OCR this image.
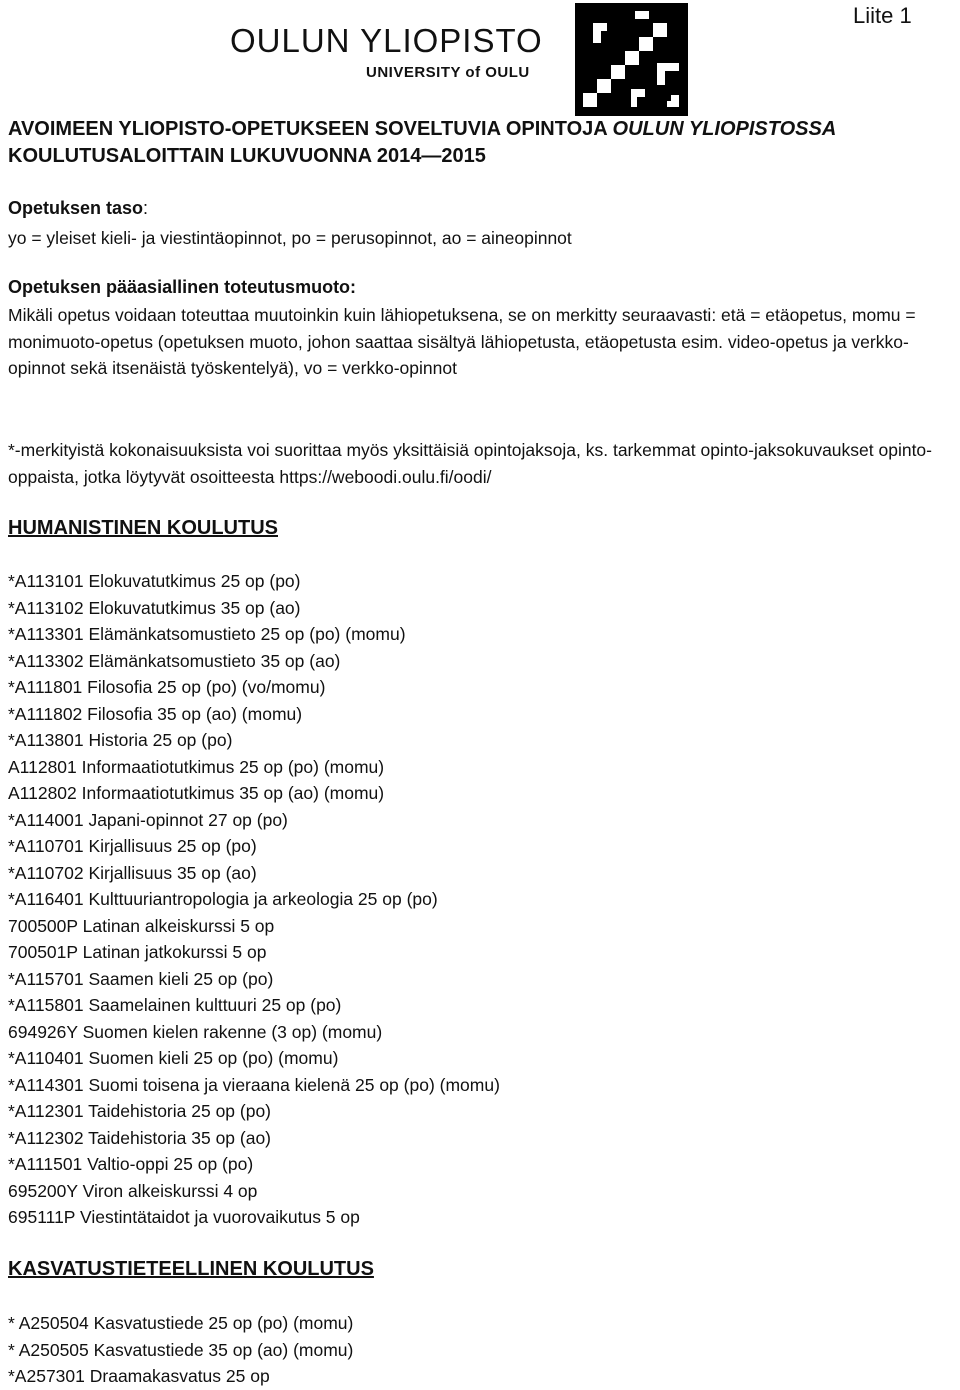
Liite 1
OULUN YLIOPISTO
UNIVERSITY of OULU
AVOIMEEN YLIOPISTO-OPETUKSEEN SOVELTUVIA OPINTOJA OULUN YLIOPISTOSSA
KOULUTUSALOITTAIN LUKUVUONNA 2014—2015
Opetuksen taso:
yo = yleiset kieli- ja viestintäopinnot, po = perusopinnot, ao = aineopinnot
Opetuksen pääasiallinen toteutusmuoto:
Mikäli opetus voidaan toteuttaa muutoinkin kuin lähiopetuksena, se on merkitty seuraavasti: etä = etäopetus, momu = monimuoto-opetus (opetuksen muoto, johon saattaa sisältyä lähiopetusta, etäopetusta esim. video-opetus ja verkko-opinnot sekä itsenäistä työskentelyä), vo = verkko-opinnot
*-merkityistä kokonaisuuksista voi suorittaa myös yksittäisiä opintojaksoja, ks. tarkemmat opinto-jaksokuvaukset opinto-oppaista, jotka löytyvät osoitteesta https://weboodi.oulu.fi/oodi/
HUMANISTINEN KOULUTUS
*A113101 Elokuvatutkimus 25 op (po)
*A113102 Elokuvatutkimus 35 op (ao)
*A113301 Elämänkatsomustieto 25 op (po) (momu)
*A113302 Elämänkatsomustieto 35 op (ao)
*A111801 Filosofia 25 op (po) (vo/momu)
*A111802 Filosofia 35 op (ao) (momu)
*A113801 Historia 25 op (po)
A112801 Informaatiotutkimus 25 op (po) (momu)
A112802 Informaatiotutkimus 35 op (ao) (momu)
*A114001 Japani-opinnot 27 op (po)
*A110701 Kirjallisuus 25 op (po)
*A110702 Kirjallisuus 35 op (ao)
*A116401 Kulttuuriantropologia ja arkeologia 25 op (po)
700500P Latinan alkeiskurssi 5 op
700501P Latinan jatkokurssi 5 op
*A115701 Saamen kieli 25 op (po)
*A115801 Saamelainen kulttuuri 25 op (po)
694926Y Suomen kielen rakenne (3 op) (momu)
*A110401 Suomen kieli 25 op (po) (momu)
*A114301 Suomi toisena ja vieraana kielenä 25 op (po) (momu)
*A112301 Taidehistoria 25 op (po)
*A112302 Taidehistoria 35 op (ao)
*A111501 Valtio-oppi 25 op (po)
695200Y Viron alkeiskurssi 4 op
695111P Viestintätaidot ja vuorovaikutus 5 op
KASVATUSTIETEELLINEN KOULUTUS
* A250504 Kasvatustiede 25 op (po) (momu)
* A250505 Kasvatustiede 35 op (ao) (momu)
*A257301 Draamakasvatus 25 op
